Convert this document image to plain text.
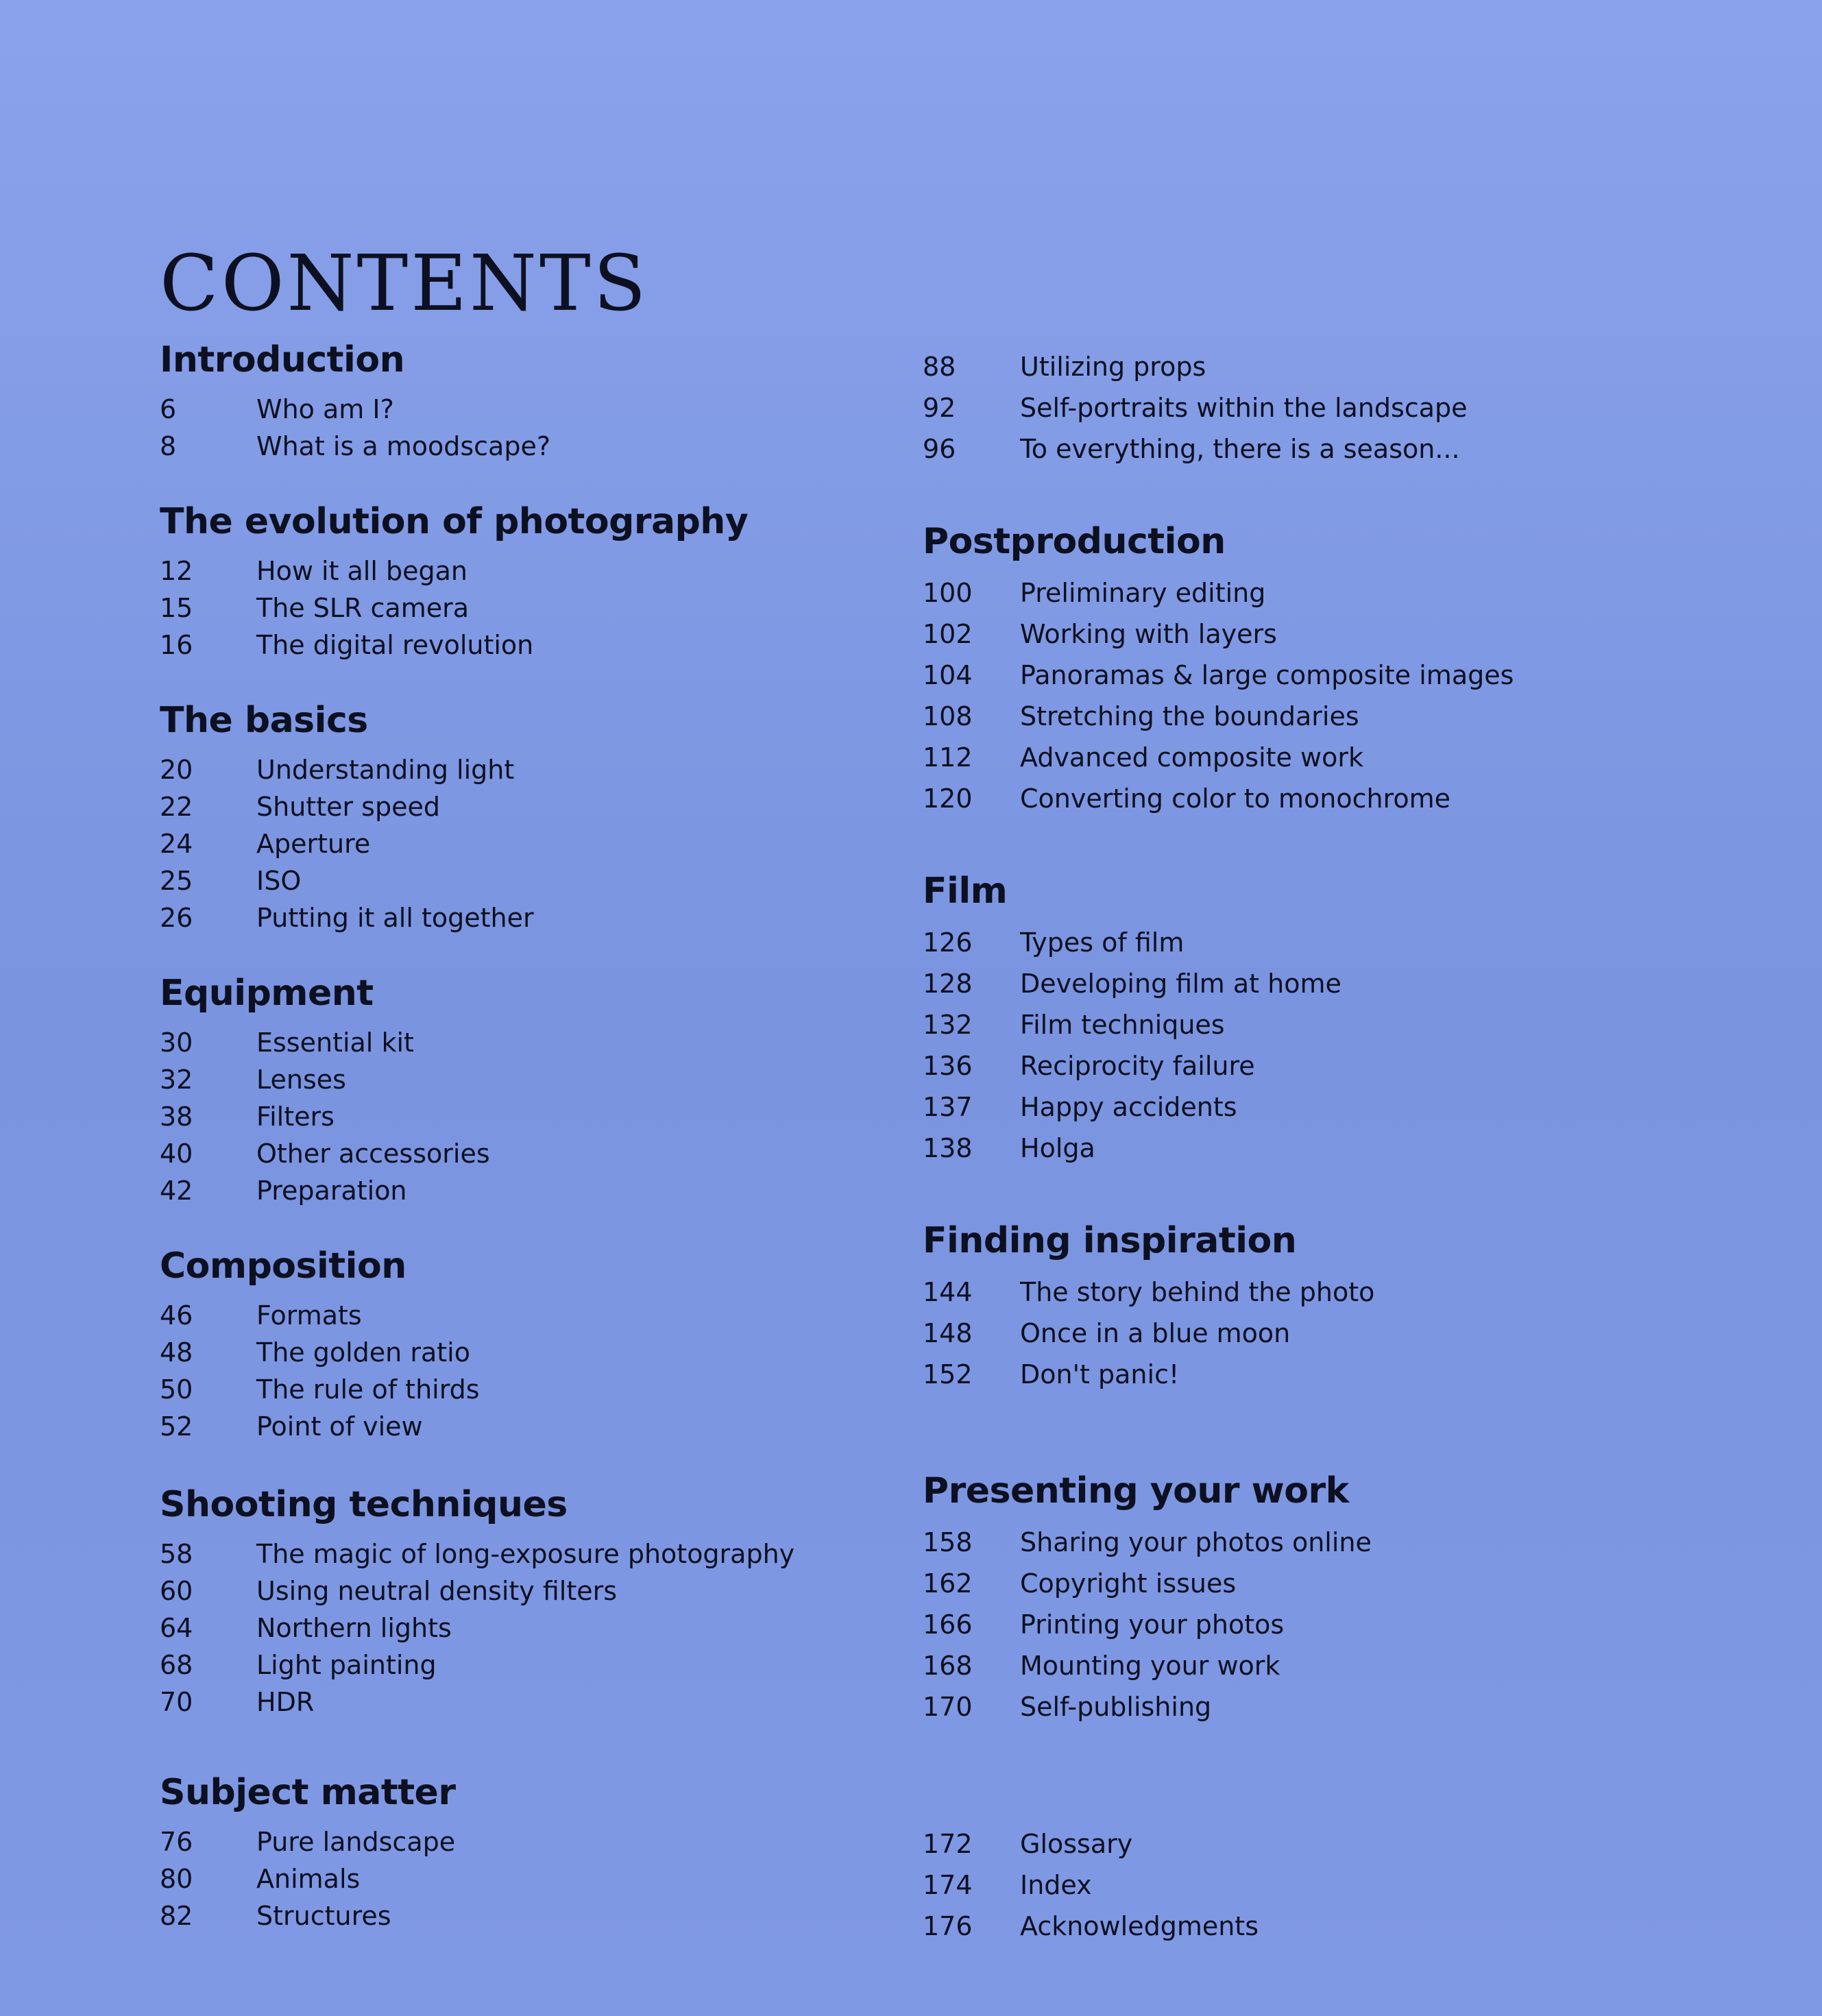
CONTENTS
Introduction
6	Who am I?
8	What is a moodscape?
The evolution of photography
12	How it all began
15	The SLR camera
16	The digital revolution
The basics
20	Understanding light
22	Shutter speed
24	Aperture
25	ISO
26	Putting it all together
Equipment
30	Essential kit
32	Lenses
38	Filters
40	Other accessories
42	Preparation
Composition
46	Formats
48	The golden ratio
50	The rule of thirds
52	Point of view
Shooting techniques
58	The magic of long-exposure photography
60	Using neutral density filters
64	Northern lights
68	Light painting
70	HDR
Subject matter
76	Pure landscape
80	Animals
82	Structures
88	Utilizing props
92	Self-portraits within the landscape
96	To everything, there is a season...
Postproduction
100	Preliminary editing
102	Working with layers
104	Panoramas & large composite images
108	Stretching the boundaries
112	Advanced composite work
120	Converting color to monochrome
Film
126	Types of film
128	Developing film at home
132	Film techniques
136	Reciprocity failure
137	Happy accidents
138	Holga
Finding inspiration
144	The story behind the photo
148	Once in a blue moon
152	Don't panic!
Presenting your work
158	Sharing your photos online
162	Copyright issues
166	Printing your photos
168	Mounting your work
170	Self-publishing
172	Glossary
174	Index
176	Acknowledgments
